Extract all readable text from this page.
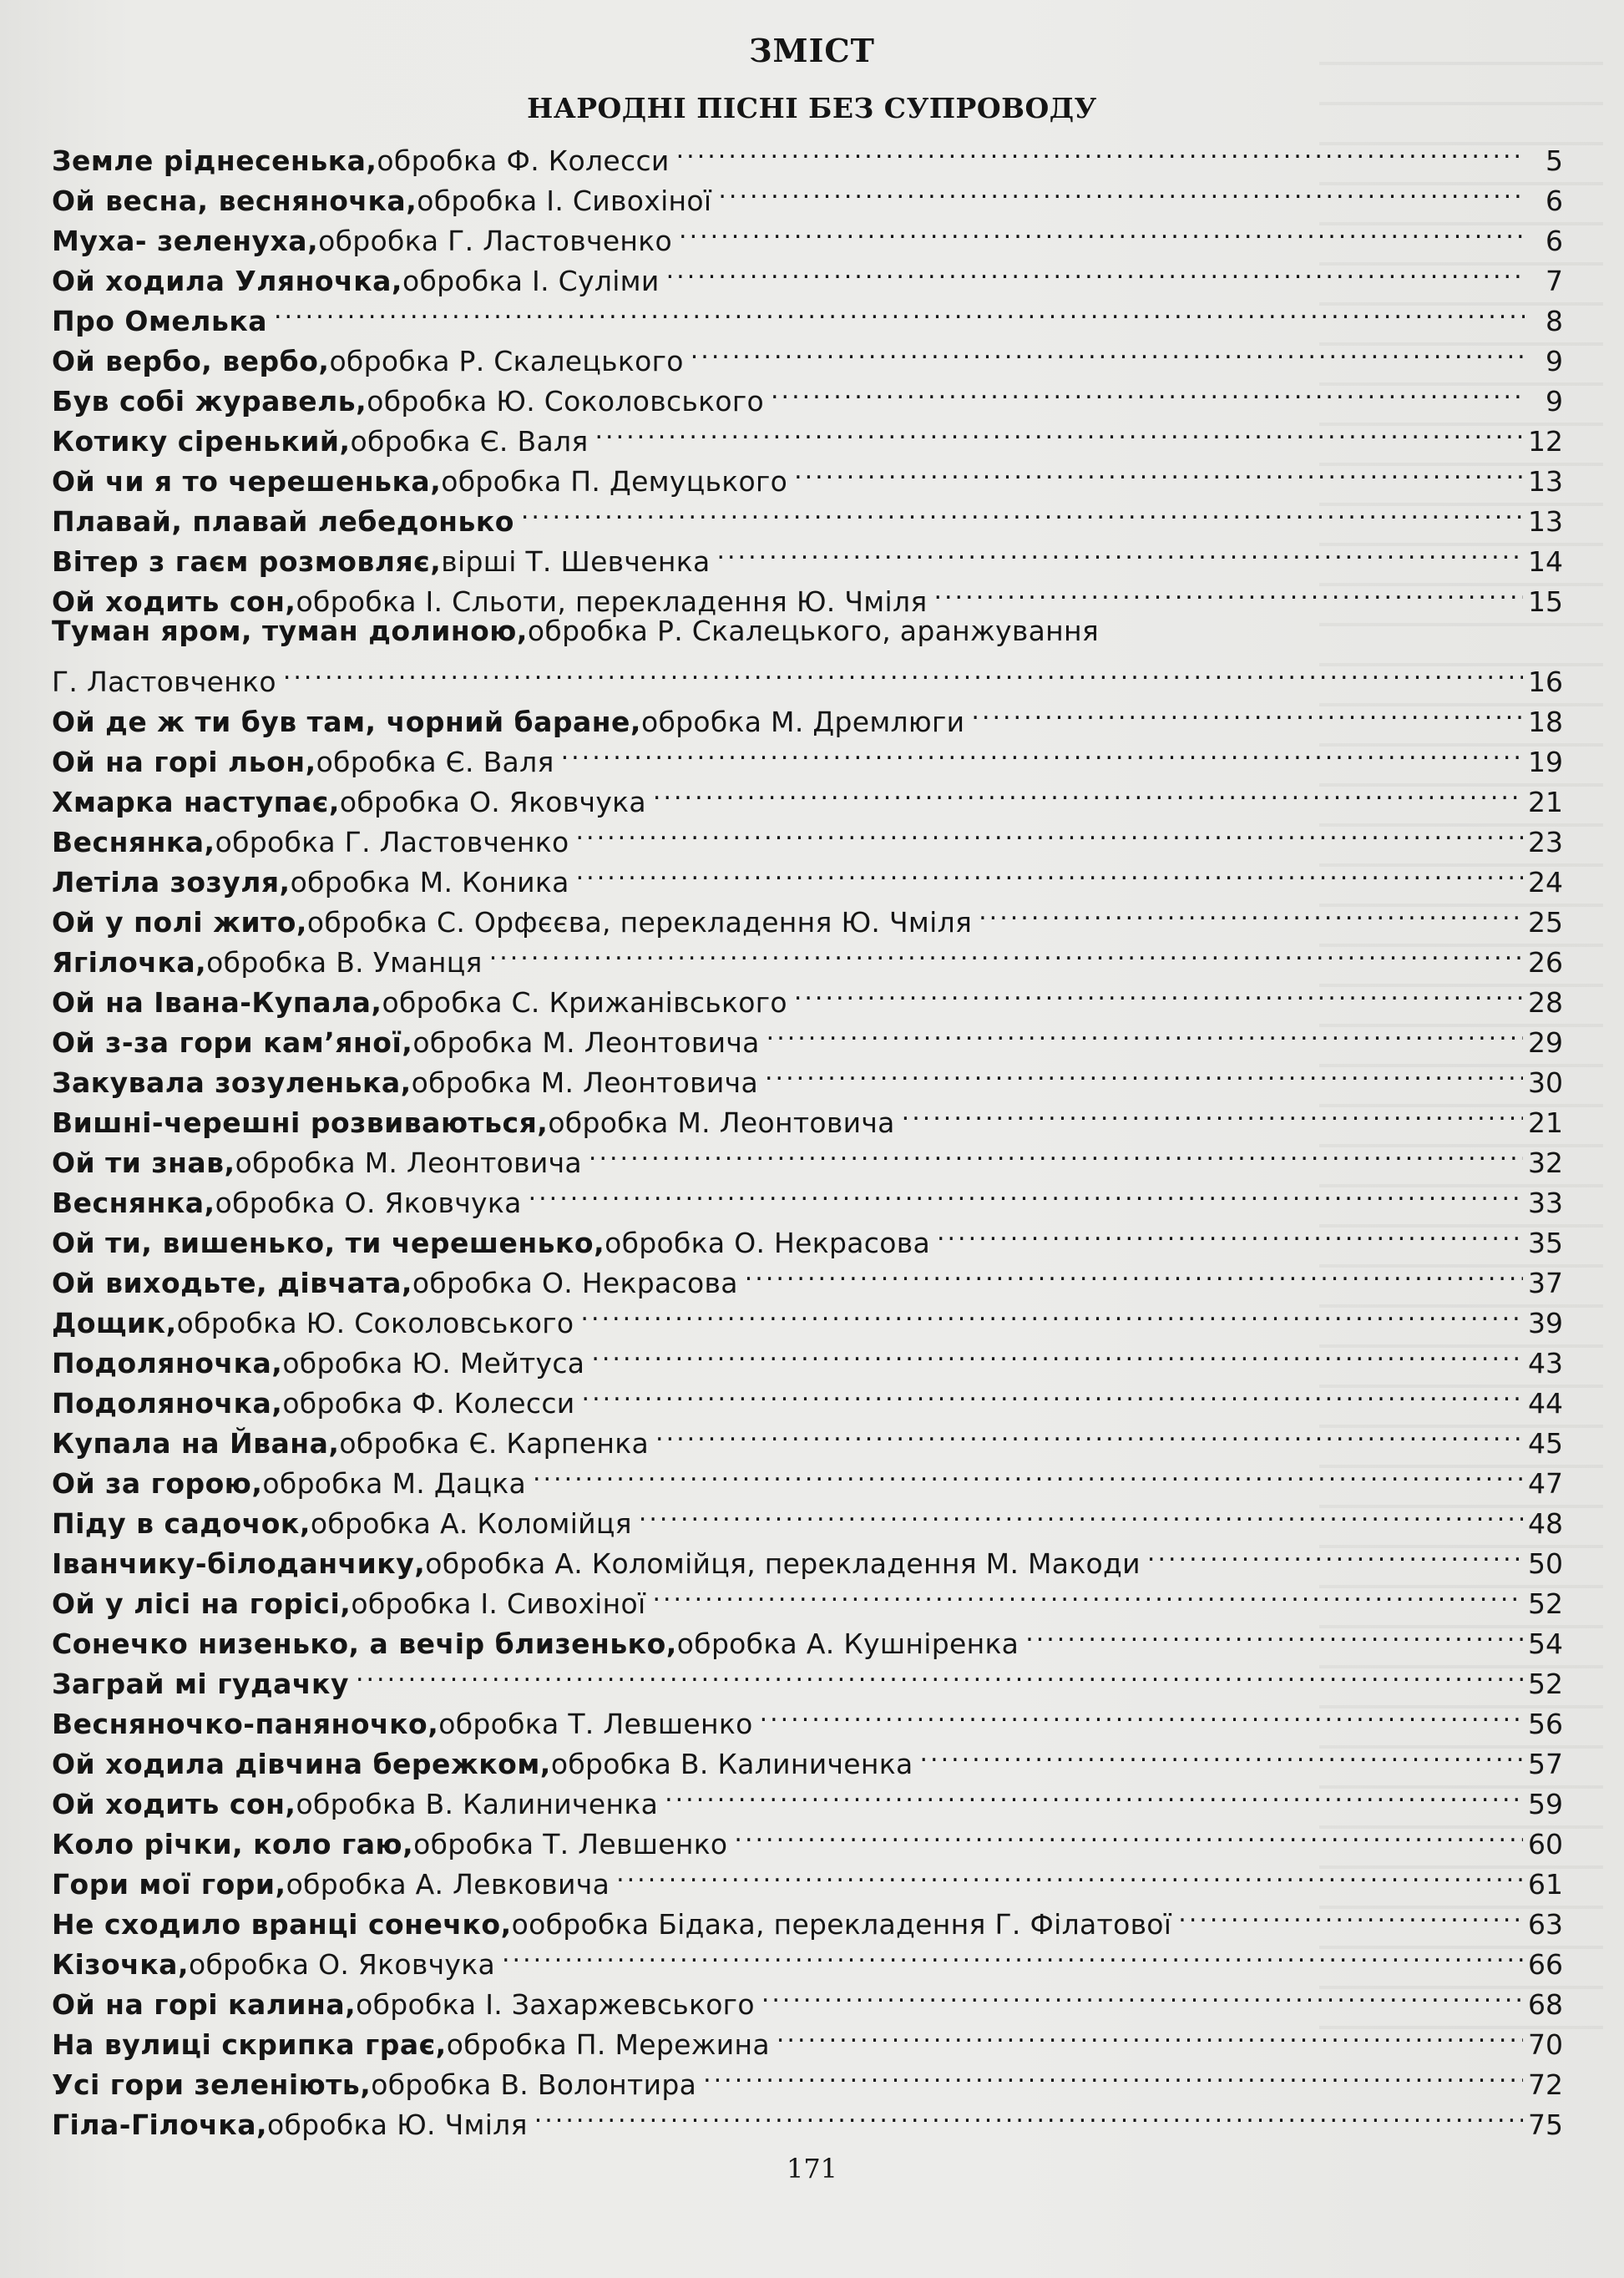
ЗМІСТ
НАРОДНІ ПІСНІ БЕЗ СУПРОВОДУ
Земле ріднесенька, обробка Ф. Колесси .....	5
Ой весна, весняночка, обробка І. Сивохіної .....	6
Муха- зеленуха, обробка Г. Ластовченко .....	6
Ой ходила Уляночка, обробка І. Суліми .....	7
Про Омелька .....	8
Ой вербо, вербо, обробка Р. Скалецького .....	9
Був собі журавель, обробка Ю. Соколовського .....	9
Котику сіренький, обробка Є. Валя .....	12
Ой чи я то черешенька, обробка П. Демуцького .....	13
Плавай, плавай лебедонько .....	13
Вітер з гаєм розмовляє, вірші Т. Шевченка .....	14
Ой ходить сон, обробка І. Сльоти, перекладення Ю. Чміля .....	15
Туман яром, туман долиною, обробка Р. Скалецького, аранжування
Г. Ластовченко .....	16
Ой де ж ти був там, чорний баране, обробка М. Дремлюги .....	18
Ой на горі льон, обробка Є. Валя .....	19
Хмарка наступає, обробка О. Яковчука .....	21
Веснянка, обробка Г. Ластовченко .....	23
Летіла зозуля, обробка М. Коника .....	24
Ой у полі жито, обробка С. Орфєєва, перекладення Ю. Чміля .....	25
Ягілочка, обробка В. Уманця .....	26
Ой на Івана-Купала, обробка С. Крижанівського .....	28
Ой з-за гори кам’яної, обробка М. Леонтовича .....	29
Закувала зозуленька, обробка М. Леонтовича .....	30
Вишні-черешні розвиваються, обробка М. Леонтовича .....	21
Ой ти знав, обробка М. Леонтовича .....	32
Веснянка, обробка О. Яковчука .....	33
Ой ти, вишенько, ти черешенько, обробка О. Некрасова .....	35
Ой виходьте, дівчата, обробка О. Некрасова .....	37
Дощик, обробка Ю. Соколовського .....	39
Подоляночка, обробка Ю. Мейтуса .....	43
Подоляночка, обробка Ф. Колесси .....	44
Купала на Йвана, обробка Є. Карпенка .....	45
Ой за горою, обробка М. Дацка .....	47
Піду в садочок, обробка А. Коломійця .....	48
Іванчику-білоданчику, обробка А. Коломійця, перекладення М. Макоди .....	50
Ой у лісі на горісі, обробка І. Сивохіної .....	52
Сонечко низенько, а вечір близенько, обробка А. Кушніренка .....	54
Заграй мі гудачку .....	52
Весняночко-паняночко, обробка Т. Левшенко .....	56
Ой ходила дівчина бережком, обробка В. Калиниченка .....	57
Ой ходить сон, обробка В. Калиниченка .....	59
Коло річки, коло гаю, обробка Т. Левшенко .....	60
Гори мої гори, обробка А. Левковича .....	61
Не сходило вранці сонечко, ообробка Бідака, перекладення Г. Філатової .....	63
Кізочка, обробка О. Яковчука .....	66
Ой на горі калина, обробка І. Захаржевського .....	68
На вулиці скрипка грає, обробка П. Мережина .....	70
Усі гори зеленіють, обробка В. Волонтира .....	72
Гіла-Гілочка, обробка Ю. Чміля .....	75
171
